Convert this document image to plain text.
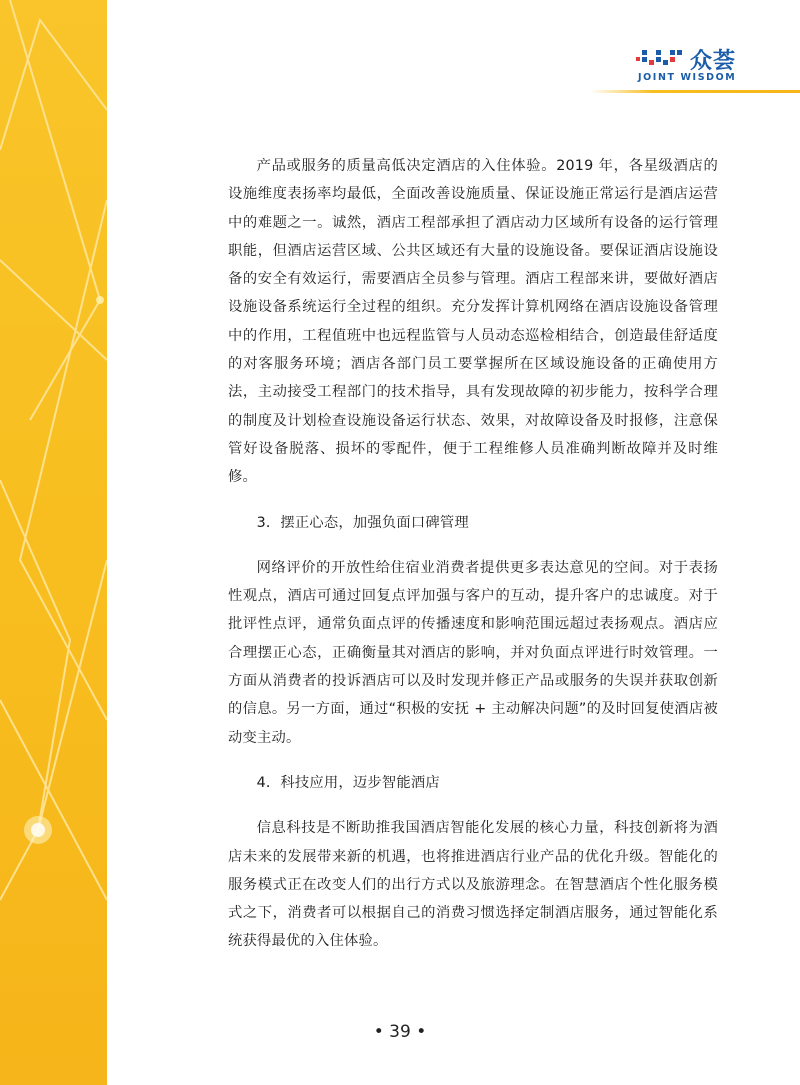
众荟
JOINT WISDOM

产品或服务的质量高低决定酒店的入住体验。2019 年，各星级酒店的设施维度表扬率均最低，全面改善设施质量、保证设施正常运行是酒店运营中的难题之一。诚然，酒店工程部承担了酒店动力区域所有设备的运行管理职能，但酒店运营区域、公共区域还有大量的设施设备。要保证酒店设施设备的安全有效运行，需要酒店全员参与管理。酒店工程部来讲，要做好酒店设施设备系统运行全过程的组织。充分发挥计算机网络在酒店设施设备管理中的作用，工程值班中也远程监管与人员动态巡检相结合，创造最佳舒适度的对客服务环境；酒店各部门员工要掌握所在区域设施设备的正确使用方法，主动接受工程部门的技术指导，具有发现故障的初步能力，按科学合理的制度及计划检查设施设备运行状态、效果，对故障设备及时报修，注意保管好设备脱落、损坏的零配件，便于工程维修人员准确判断故障并及时维修。

3．摆正心态，加强负面口碑管理

网络评价的开放性给住宿业消费者提供更多表达意见的空间。对于表扬性观点，酒店可通过回复点评加强与客户的互动，提升客户的忠诚度。对于批评性点评，通常负面点评的传播速度和影响范围远超过表扬观点。酒店应合理摆正心态，正确衡量其对酒店的影响，并对负面点评进行时效管理。一方面从消费者的投诉酒店可以及时发现并修正产品或服务的失误并获取创新的信息。另一方面，通过“积极的安抚 + 主动解决问题”的及时回复使酒店被动变主动。

4．科技应用，迈步智能酒店

信息科技是不断助推我国酒店智能化发展的核心力量，科技创新将为酒店未来的发展带来新的机遇，也将推进酒店行业产品的优化升级。智能化的服务模式正在改变人们的出行方式以及旅游理念。在智慧酒店个性化服务模式之下，消费者可以根据自己的消费习惯选择定制酒店服务，通过智能化系统获得最优的入住体验。

• 39 •
